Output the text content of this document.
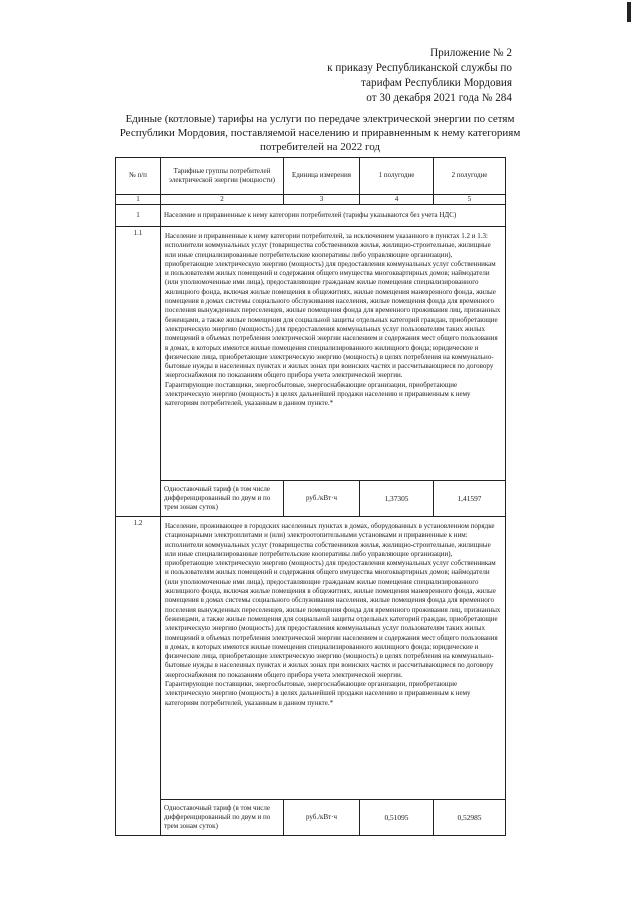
Приложение № 2
к приказу Республиканской службы по
тарифам Республики Мордовия
от 30 декабря 2021 года № 284
Единые (котловые) тарифы на услуги по передаче электрической энергии по сетям Республики Мордовия, поставляемой населению и приравненным к нему категориям потребителей на 2022 год
№ п/п	Тарифные группы потребителей электрической энергии (мощности)	Единица измерения	1 полугодие	2 полугодие
1	2	3	4	5
1	Население и приравненные к нему категории потребителей (тарифы указываются без учета НДС)			
1.1	Население и приравненные к нему категории потребителей, за исключением указанного в пунктах 1.2 и 1.3:
исполнители коммунальных услуг (товарищества собственников жилья, жилищно-строительные, жилищные или иные специализированные потребительские кооперативы либо управляющие организации), приобретающие электрическую энергию (мощность) для предоставления коммунальных услуг собственникам и пользователям жилых помещений и содержания общего имущества многоквартирных домов; наймодатели (или уполномоченные ими лица), предоставляющие гражданам жилые помещения специализированного жилищного фонда, включая жилые помещения в общежитиях, жилые помещения маневренного фонда, жилые помещения в домах системы социального обслуживания населения, жилые помещения фонда для временного поселения вынужденных переселенцев, жилые помещения фонда для временного проживания лиц, признанных беженцами, а также жилые помещения для социальной защиты отдельных категорий граждан, приобретающие электрическую энергию (мощность) для предоставления коммунальных услуг пользователям таких жилых помещений в объемах потребления электрической энергии населением и содержания мест общего пользования в домах, в которых имеются жилые помещения специализированного жилищного фонда; юридические и физические лица, приобретающие электрическую энергию (мощность) в целях потребления на коммунально-бытовые нужды в населенных пунктах и жилых зонах при воинских частях и рассчитывающиеся по договору энергоснабжения по показаниям общего прибора учета электрической энергии.
Гарантирующие поставщики, энергосбытовые, энергоснабжающие организации, приобретающие электрическую энергию (мощность) в целях дальнейшей продажи населению и приравненным к нему категориям потребителей, указанным в данном пункте.*			

	Одноставочный тариф (в том числе дифференцированный по двум и по трем зонам суток)	руб./кВт·ч	1,37305	1,41597
1.2	Население, проживающее в городских населенных пунктах в домах, оборудованных в установленном порядке стационарными электроплитами и (или) электроотопительными установками и приравненные к ним:
исполнители коммунальных услуг (товарищества собственников жилья, жилищно-строительные, жилищные или иные специализированные потребительские кооперативы либо управляющие организации), приобретающие электрическую энергию (мощность) для предоставления коммунальных услуг собственникам и пользователям жилых помещений и содержания общего имущества многоквартирных домов; наймодатели (или уполномоченные ими лица), предоставляющие гражданам жилые помещения специализированного жилищного фонда, включая жилые помещения в общежитиях, жилые помещения маневренного фонда, жилые помещения в домах системы социального обслуживания населения, жилые помещения фонда для временного поселения вынужденных переселенцев, жилые помещения фонда для временного проживания лиц, признанных беженцами, а также жилые помещения для социальной защиты отдельных категорий граждан, приобретающие электрическую энергию (мощность) для предоставления коммунальных услуг пользователям таких жилых помещений в объемах потребления электрической энергии населением и содержания мест общего пользования в домах, в которых имеются жилые помещения специализированного жилищного фонда; юридические и физические лица, приобретающие электрическую энергию (мощность) в целях потребления на коммунально-бытовые нужды в населенных пунктах и жилых зонах при воинских частях и рассчитывающиеся по договору энергоснабжения по показаниям общего прибора учета электрической энергии.
Гарантирующие поставщики, энергосбытовые, энергоснабжающие организации, приобретающие электрическую энергию (мощность) в целях дальнейшей продажи населению и приравненным к нему категориям потребителей, указанным в данном пункте.*			

	Одноставочный тариф (в том числе дифференцированный по двум и по трем зонам суток)	руб./кВт·ч	0,51095	0,52985
